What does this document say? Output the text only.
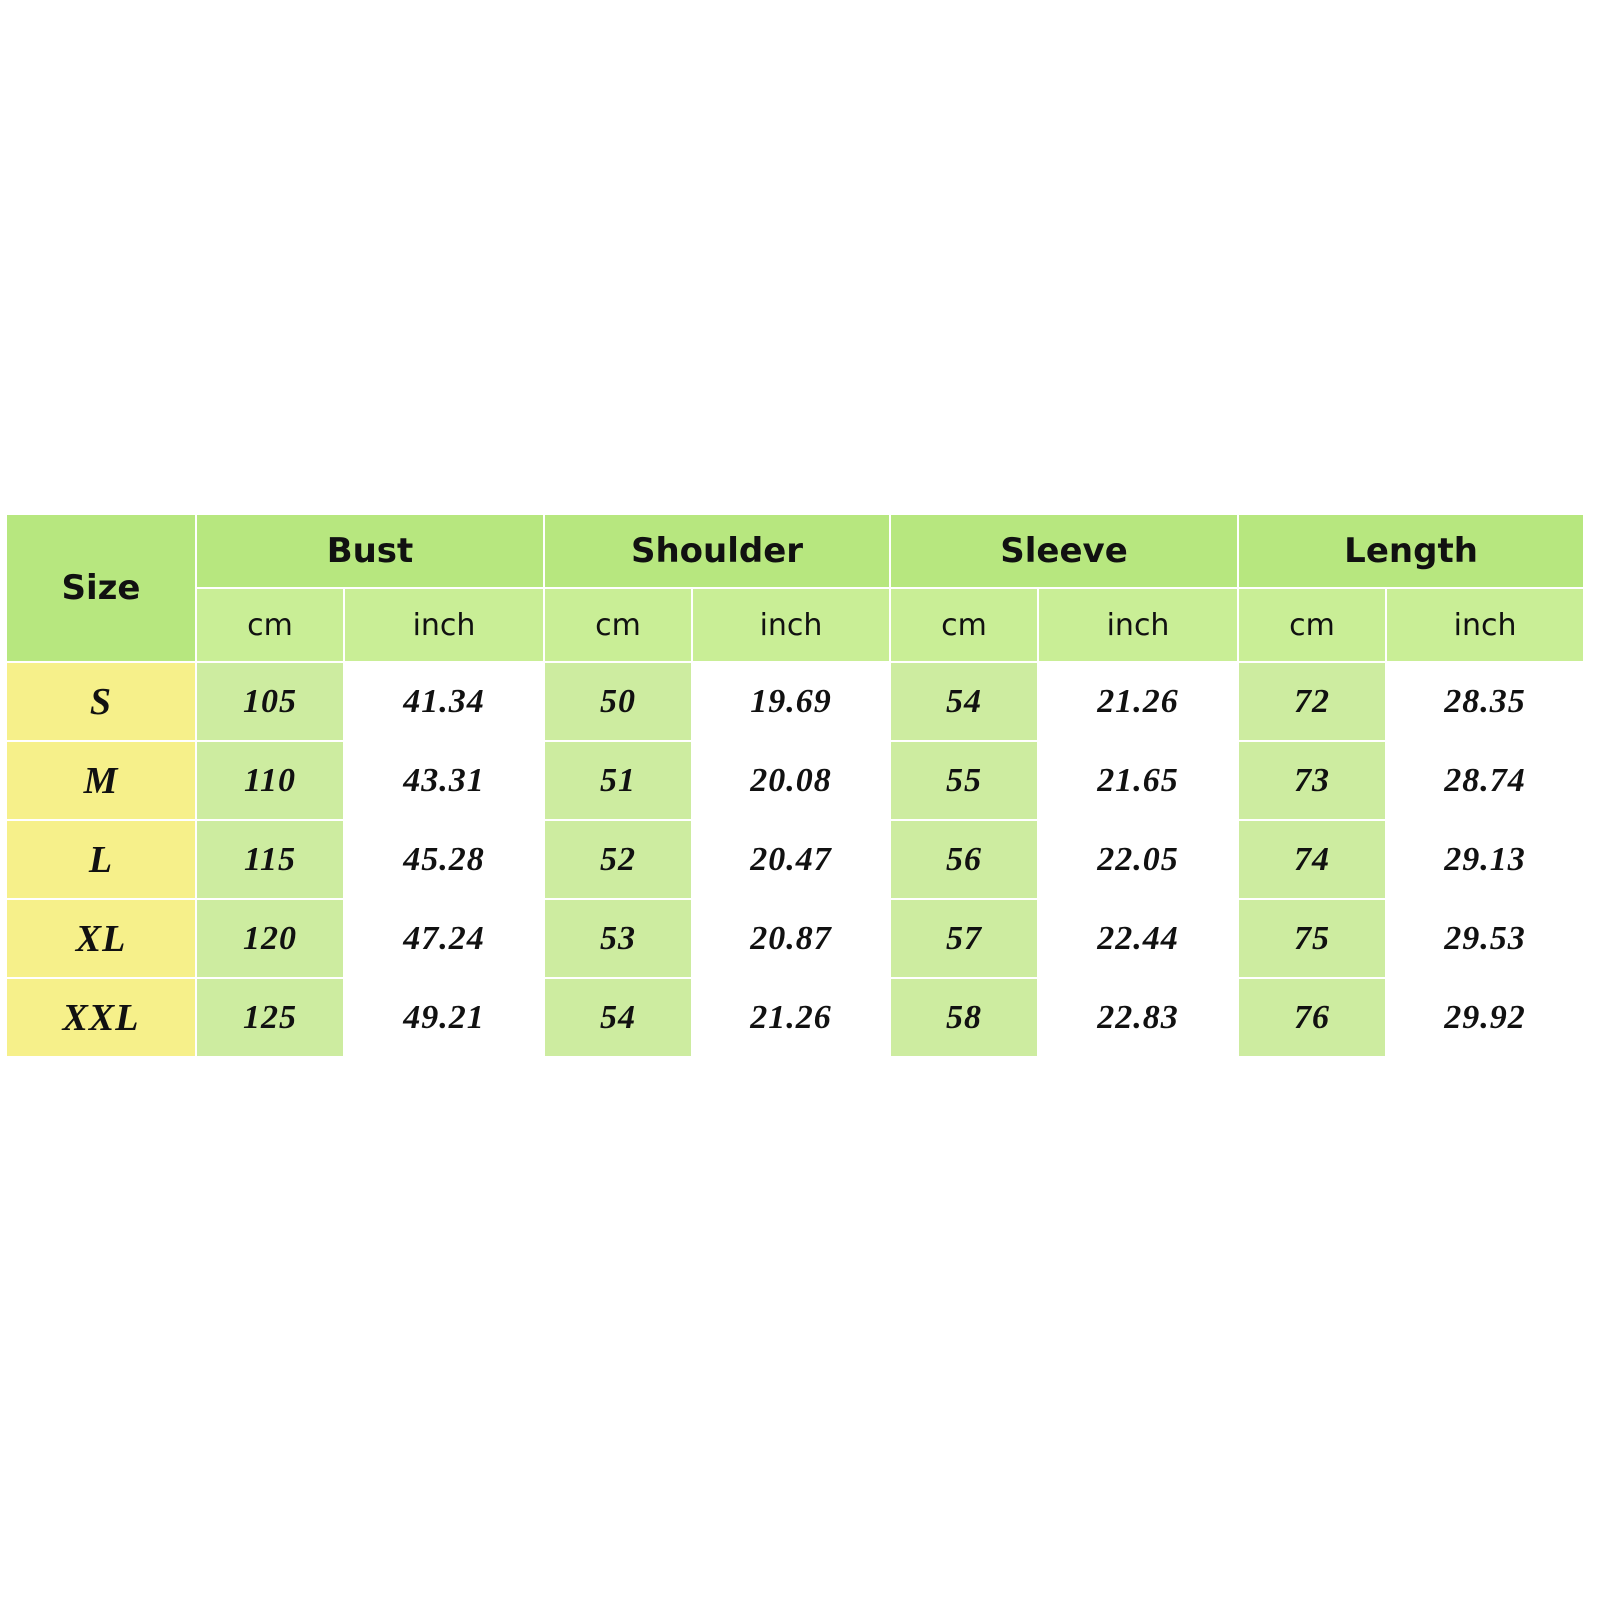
Size	Bust		Shoulder		Sleeve		Length	
	cm	inch	cm	inch	cm	inch	cm	inch
S	105	41.34	50	19.69	54	21.26	72	28.35
M	110	43.31	51	20.08	55	21.65	73	28.74
L	115	45.28	52	20.47	56	22.05	74	29.13
XL	120	47.24	53	20.87	57	22.44	75	29.53
XXL	125	49.21	54	21.26	58	22.83	76	29.92
